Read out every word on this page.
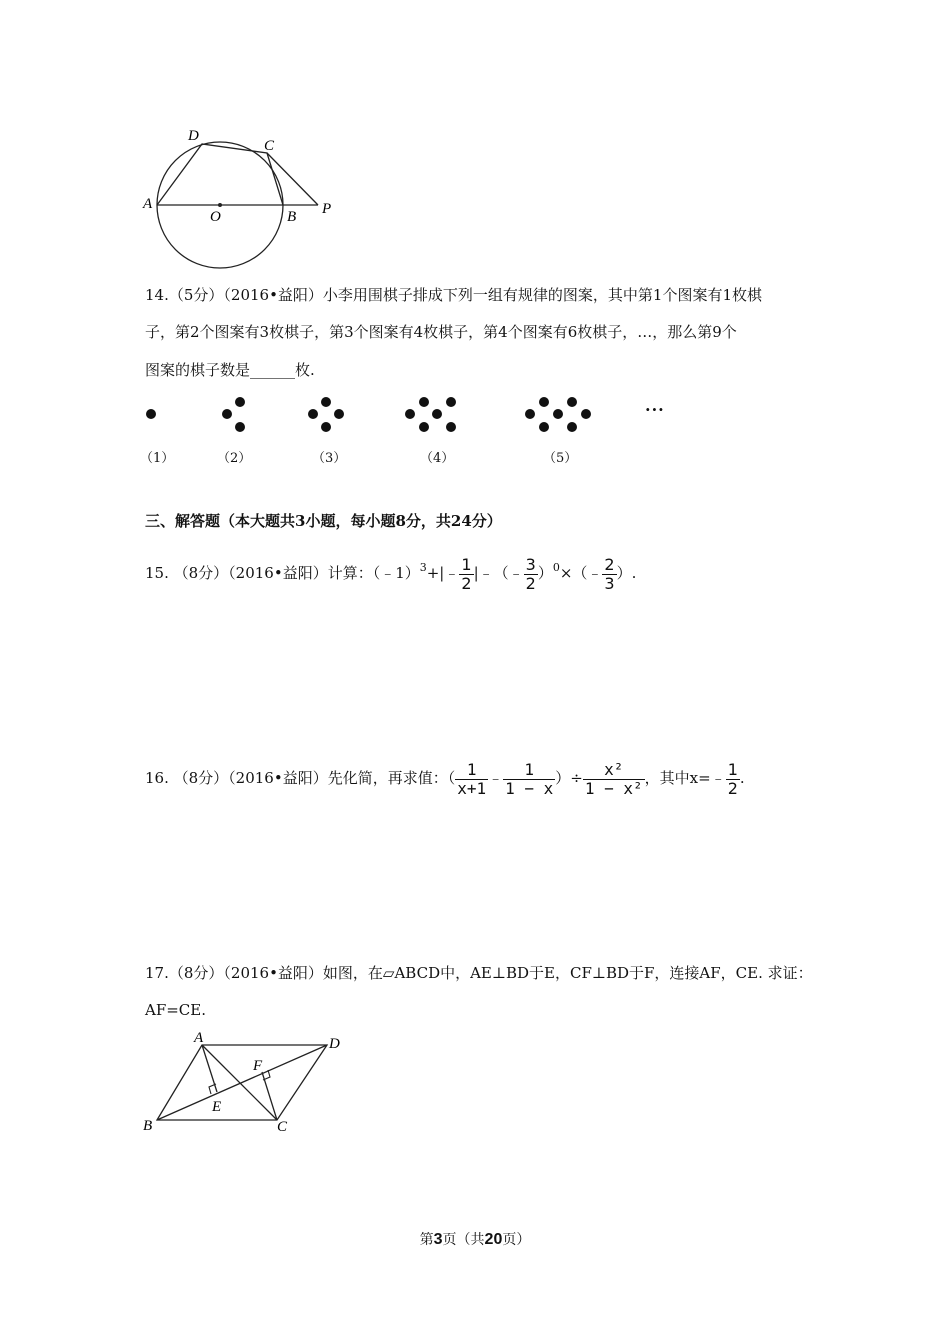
D
C
A
O	B P
14.（5分）（2016•益阳）小李用围棋子排成下列一组有规律的图案，其中第1个图案有1枚棋
子，第2个图案有3枚棋子，第3个图案有4枚棋子，第4个图案有6枚棋子，…，那么第9个
图案的棋子数是______枚.
···
（1）	（2）	（3）	（4）	（5）
三、解答题（本大题共3小题，每小题8分，共24分）
15. （8分）（2016•益阳）计算：（﹣1）$^3$+|﹣ $\frac{1}{2}$ |﹣（﹣ $\frac{3}{2}$ ）$^0$×（﹣ $\frac{2}{3}$ ）.
16. （8分）（2016•益阳）先化简，再求值：（ $\frac{1}{x+1}$ ﹣ $\frac{1}{1 - x}$ ）÷ $\frac{\text{x²}}{\text{1 − x²}}$ ，其中x=﹣ $\frac{1}{2}$ .
17.（8分）（2016•益阳）如图，在▱ABCD中，AE⊥BD于E，CF⊥BD于F，连接AF，CE. 求证：
AF=CE.
A	D
F
E
B	C
第3页（共20页）
